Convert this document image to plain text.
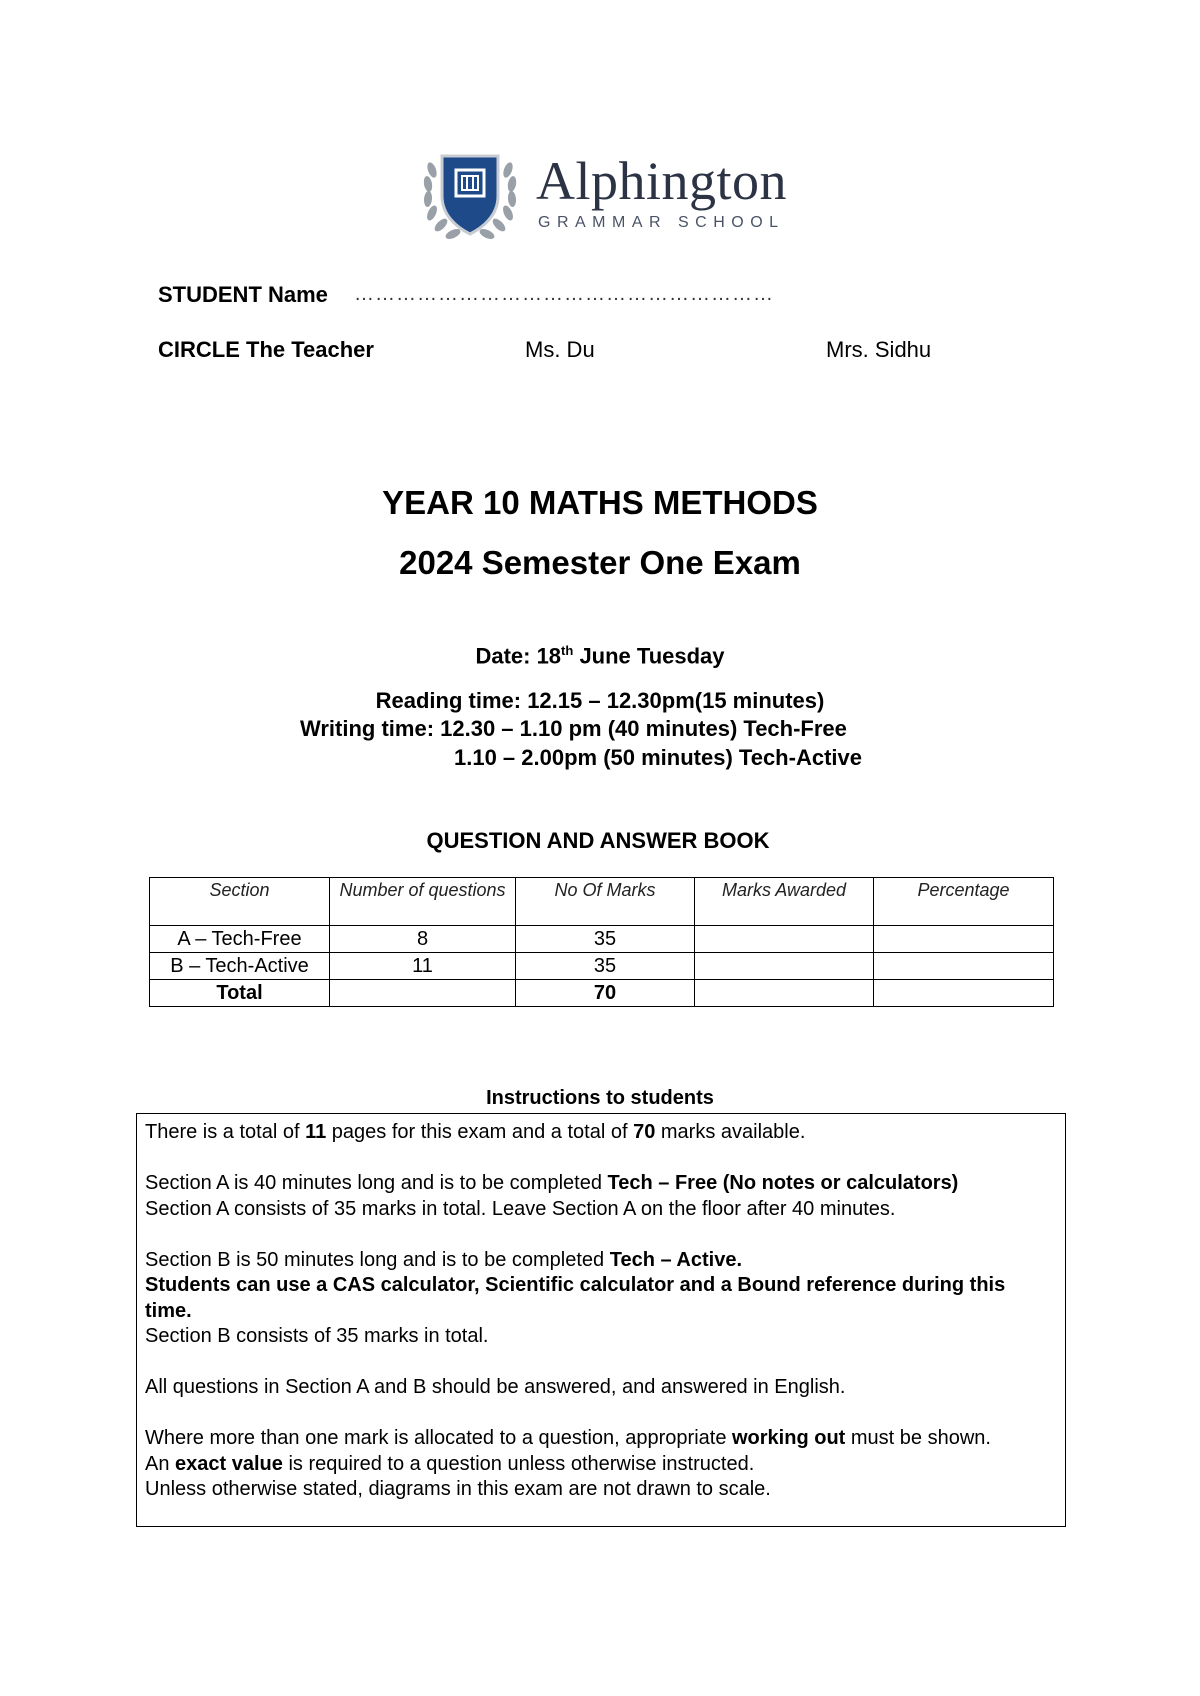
Alphington
GRAMMAR SCHOOL
STUDENT Name ……………………………………………………
CIRCLE The Teacher	Ms. Du	Mrs. Sidhu
YEAR 10 MATHS METHODS
2024 Semester One Exam
Date: 18th June Tuesday
Reading time: 12.15 – 12.30pm(15 minutes)
Writing time: 12.30 – 1.10 pm (40 minutes) Tech-Free
1.10 – 2.00pm (50 minutes) Tech-Active
QUESTION AND ANSWER BOOK
Section	Number of questions	No Of Marks	Marks Awarded	Percentage
A – Tech-Free	8	35		
B – Tech-Active	11	35		
Total		70		
Instructions to students

There is a total of 11 pages for this exam and a total of 70 marks available.

Section A is 40 minutes long and is to be completed Tech – Free (No notes or calculators)

Section A consists of 35 marks in total. Leave Section A on the floor after 40 minutes.

Section B is 50 minutes long and is to be completed Tech – Active.

Students can use a CAS calculator, Scientific calculator and a Bound reference during this time.

Section B consists of 35 marks in total.

All questions in Section A and B should be answered, and answered in English.

Where more than one mark is allocated to a question, appropriate working out must be shown.

An exact value is required to a question unless otherwise instructed.

Unless otherwise stated, diagrams in this exam are not drawn to scale.
